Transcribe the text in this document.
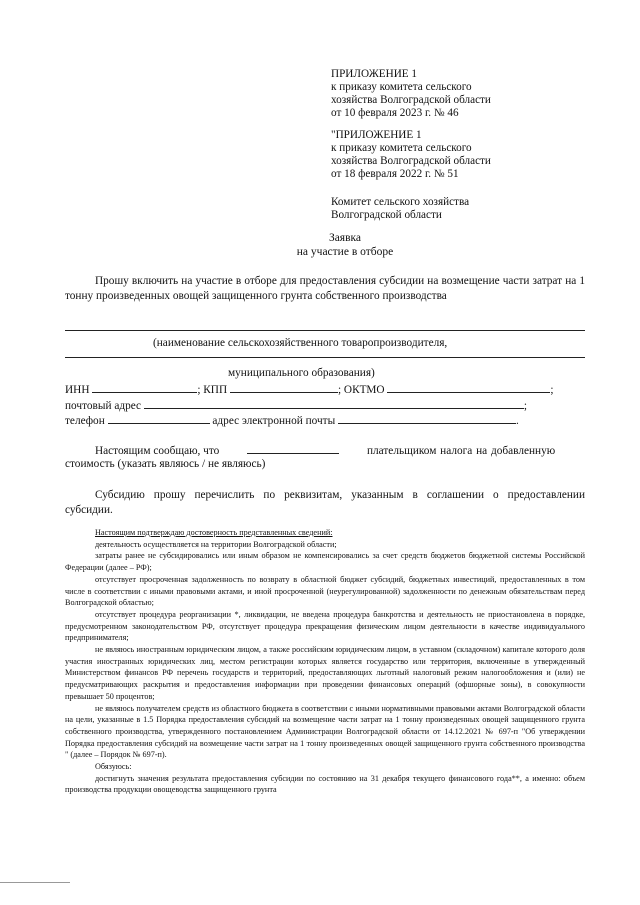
ПРИЛОЖЕНИЕ 1
к приказу комитета сельского
хозяйства Волгоградской области
от 10 февраля 2023 г. № 46
"ПРИЛОЖЕНИЕ 1
к приказу комитета сельского
хозяйства Волгоградской области
от 18 февраля 2022 г. № 51
Комитет сельского хозяйства
Волгоградской области
Заявка
на участие в отборе
Прошу включить на участие в отборе для предоставления субсидии на возмещение части затрат на 1 тонну произведенных овощей защищенного грунта собственного производства
(наименование сельскохозяйственного товаропроизводителя,
муниципального образования)
ИНН	; КПП	; ОКТМО	;
почтовый адрес	;
телефон	адрес электронной почты	.
Настоящим сообщаю, что	плательщиком налога на добавленную
стоимость (указать являюсь / не являюсь)
Субсидию прошу перечислить по реквизитам, указанным в соглашении о предоставлении субсидии.
Настоящим подтверждаю достоверность представленных сведений:
деятельность осуществляется на территории Волгоградской области;
затраты ранее не субсидировались или иным образом не компенсировались за счет средств бюджетов бюджетной системы Российской Федерации (далее – РФ);
отсутствует просроченная задолженность по возврату в областной бюджет субсидий, бюджетных инвестиций, предоставленных в том числе в соответствии с иными правовыми актами, и иной просроченной (неурегулированной) задолженности по денежным обязательствам перед Волгоградской областью;
отсутствует процедура реорганизации *, ликвидации, не введена процедура банкротства и деятельность не приостановлена в порядке, предусмотренном законодательством РФ, отсутствует процедура прекращения физическим лицом деятельности в качестве индивидуального предпринимателя;
не являюсь иностранным юридическим лицом, а также российским юридическим лицом, в уставном (складочном) капитале которого доля участия иностранных юридических лиц, местом регистрации которых является государство или территория, включенные в утвержденный Министерством финансов РФ перечень государств и территорий, предоставляющих льготный налоговый режим налогообложения и (или) не предусматривающих раскрытия и предоставления информации при проведении финансовых операций (офшорные зоны), в совокупности превышает 50 процентов;
не являюсь получателем средств из областного бюджета в соответствии с иными нормативными правовыми актами Волгоградской области на цели, указанные в 1.5 Порядка предоставления субсидий на возмещение части затрат на 1 тонну произведенных овощей защищенного грунта собственного производства, утвержденного постановлением Администрации Волгоградской области от 14.12.2021 № 697-п "Об утверждении Порядка предоставления субсидий на возмещение части затрат на 1 тонну произведенных овощей защищенного грунта собственного производства " (далее – Порядок № 697-п).
Обязуюсь:
достигнуть значения результата предоставления субсидии по состоянию на 31 декабря текущего финансового года**, а именно: объем производства продукции овощеводства защищенного грунта
